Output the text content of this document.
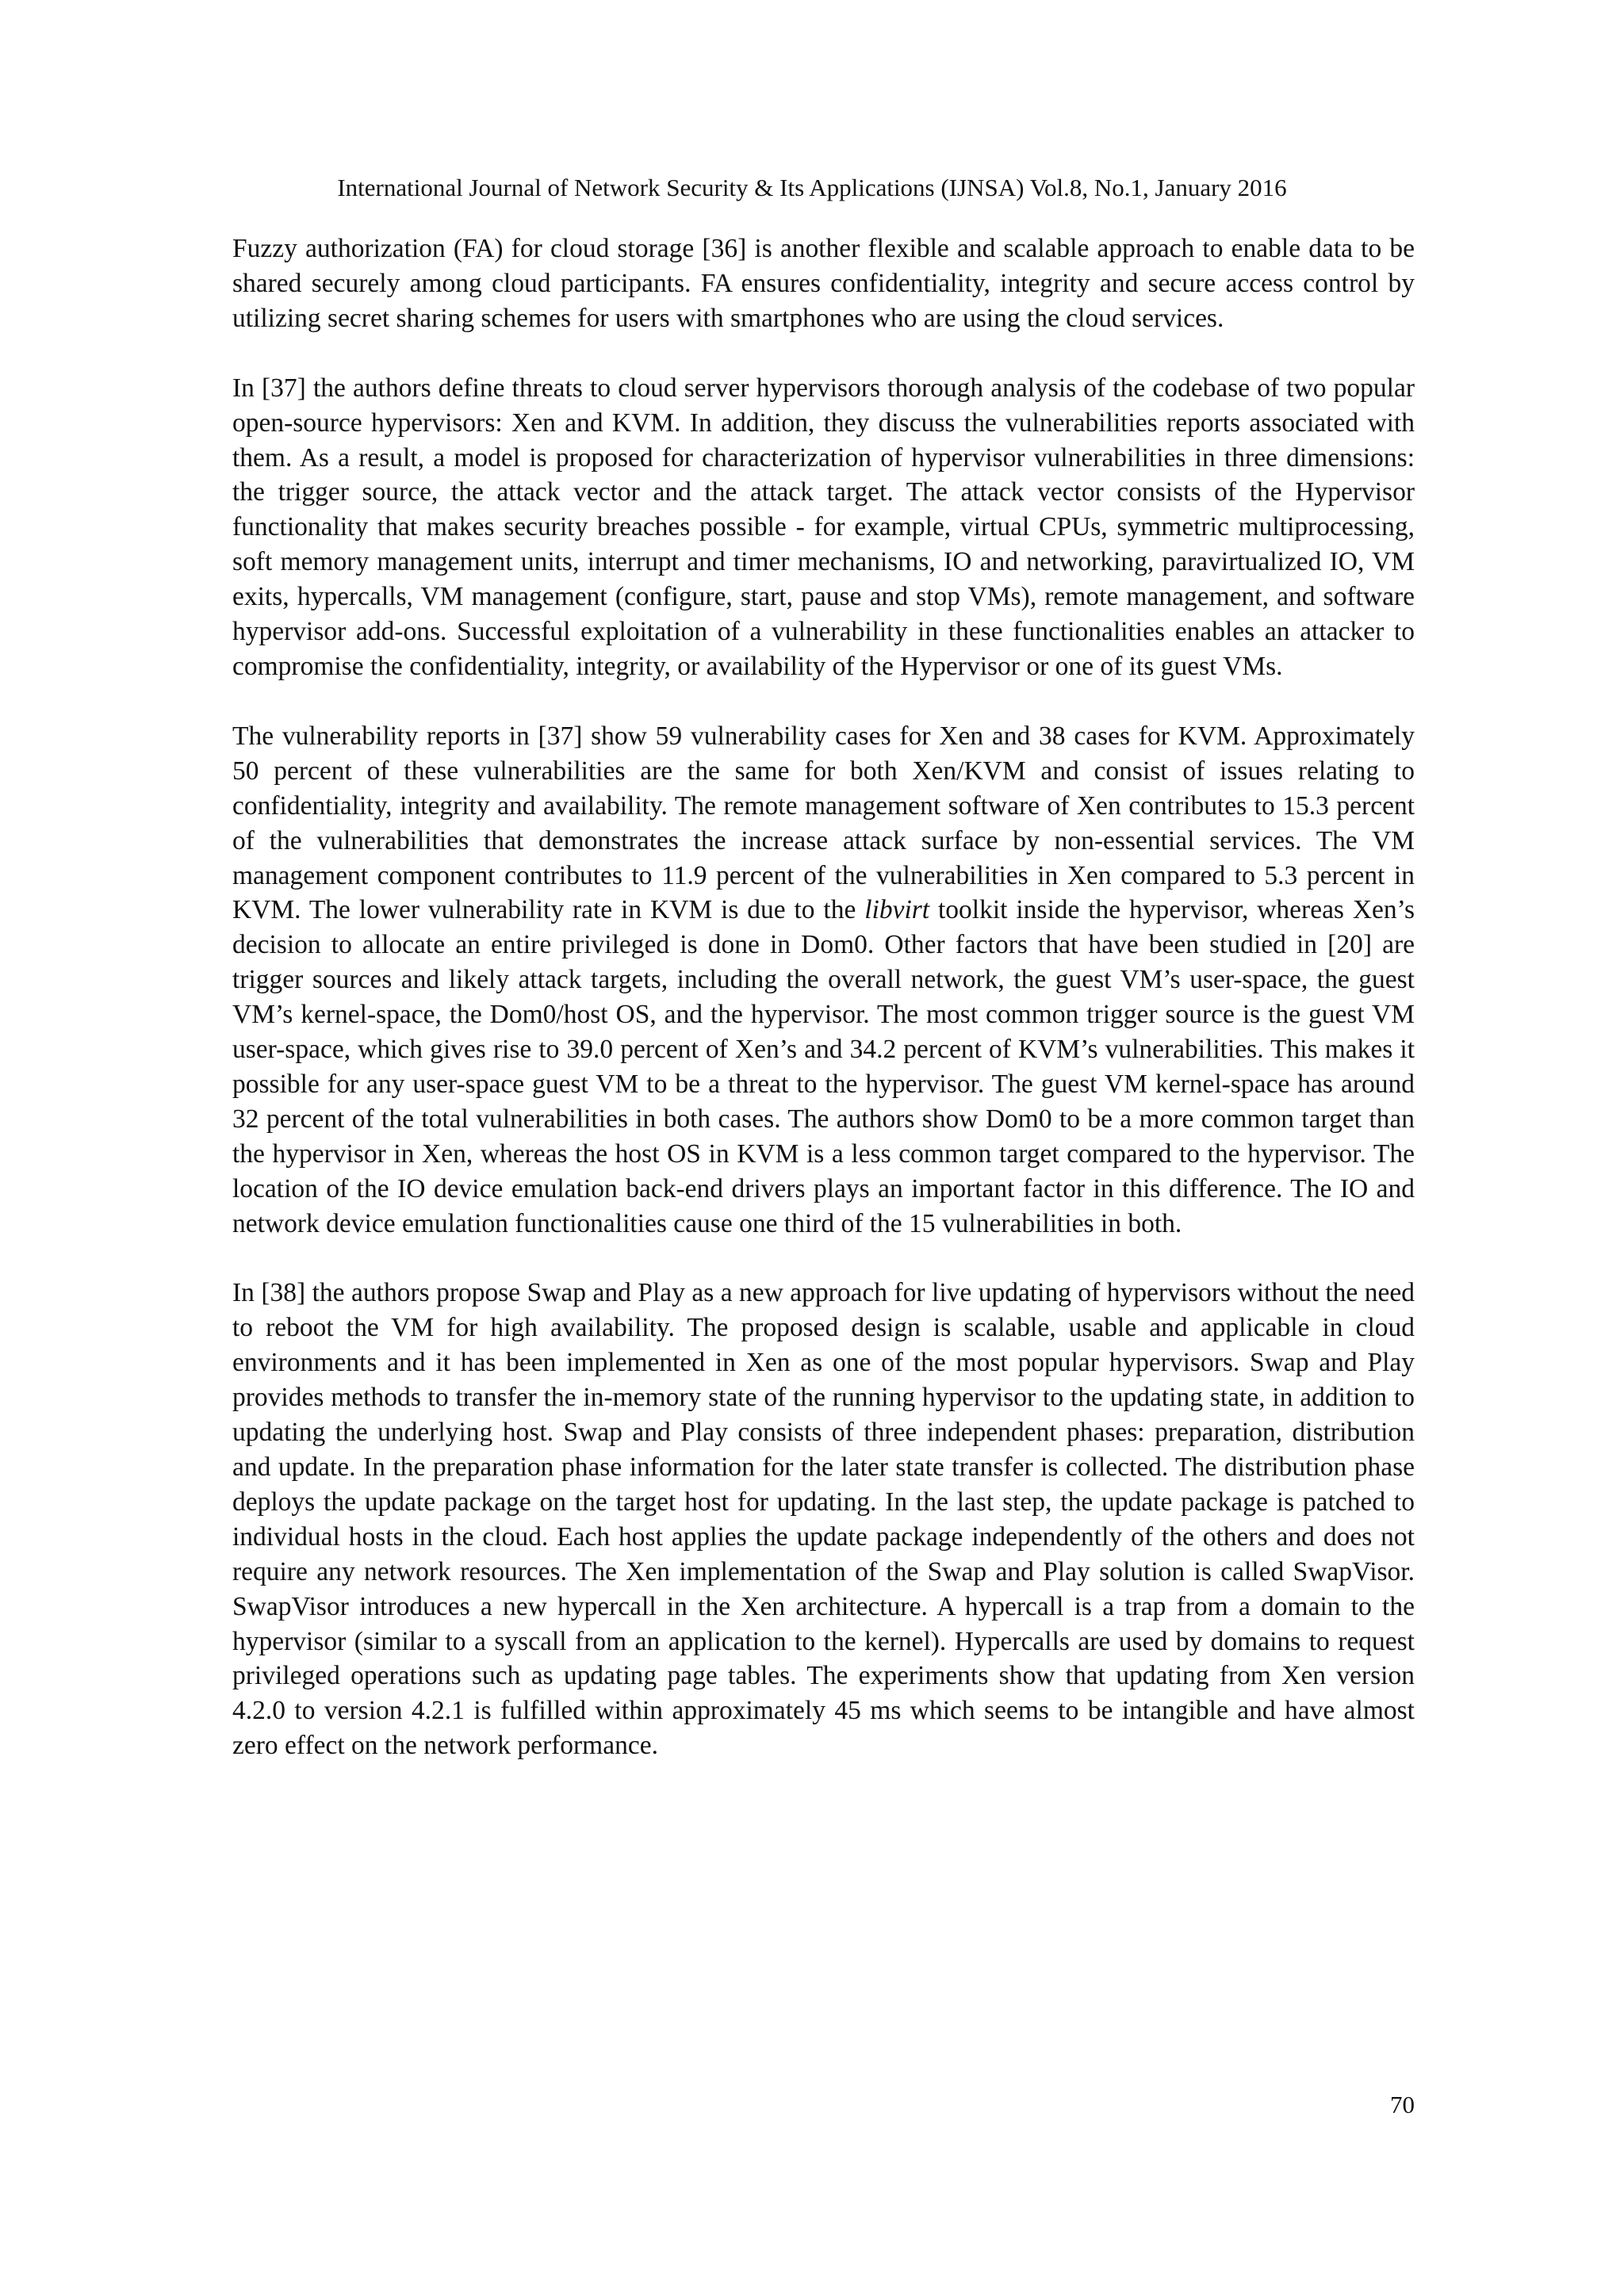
International Journal of Network Security & Its Applications (IJNSA) Vol.8, No.1, January 2016

Fuzzy authorization (FA) for cloud storage [36] is another flexible and scalable approach to enable data to be shared securely among cloud participants. FA ensures confidentiality, integrity and secure access control by utilizing secret sharing schemes for users with smartphones who are using the cloud services.

In [37] the authors define threats to cloud server hypervisors thorough analysis of the codebase of two popular open-source hypervisors: Xen and KVM. In addition, they discuss the vulnerabilities reports associated with them. As a result, a model is proposed for characterization of hypervisor vulnerabilities in three dimensions: the trigger source, the attack vector and the attack target. The attack vector consists of the Hypervisor functionality that makes security breaches possible - for example, virtual CPUs, symmetric multiprocessing, soft memory management units, interrupt and timer mechanisms, IO and networking, paravirtualized IO, VM exits, hypercalls, VM management (configure, start, pause and stop VMs), remote management, and software hypervisor add-ons. Successful exploitation of a vulnerability in these functionalities enables an attacker to compromise the confidentiality, integrity, or availability of the Hypervisor or one of its guest VMs.

The vulnerability reports in [37] show 59 vulnerability cases for Xen and 38 cases for KVM. Approximately 50 percent of these vulnerabilities are the same for both Xen/KVM and consist of issues relating to confidentiality, integrity and availability. The remote management software of Xen contributes to 15.3 percent of the vulnerabilities that demonstrates the increase attack surface by non-essential services. The VM management component contributes to 11.9 percent of the vulnerabilities in Xen compared to 5.3 percent in KVM. The lower vulnerability rate in KVM is due to the libvirt toolkit inside the hypervisor, whereas Xen’s decision to allocate an entire privileged is done in Dom0. Other factors that have been studied in [20] are trigger sources and likely attack targets, including the overall network, the guest VM’s user-space, the guest VM’s kernel-space, the Dom0/host OS, and the hypervisor. The most common trigger source is the guest VM user-space, which gives rise to 39.0 percent of Xen’s and 34.2 percent of KVM’s vulnerabilities. This makes it possible for any user-space guest VM to be a threat to the hypervisor. The guest VM kernel-space has around 32 percent of the total vulnerabilities in both cases. The authors show Dom0 to be a more common target than the hypervisor in Xen, whereas the host OS in KVM is a less common target compared to the hypervisor. The location of the IO device emulation back-end drivers plays an important factor in this difference. The IO and network device emulation functionalities cause one third of the 15 vulnerabilities in both.

In [38] the authors propose Swap and Play as a new approach for live updating of hypervisors without the need to reboot the VM for high availability. The proposed design is scalable, usable and applicable in cloud environments and it has been implemented in Xen as one of the most popular hypervisors. Swap and Play provides methods to transfer the in-memory state of the running hypervisor to the updating state, in addition to updating the underlying host. Swap and Play consists of three independent phases: preparation, distribution and update. In the preparation phase information for the later state transfer is collected. The distribution phase deploys the update package on the target host for updating. In the last step, the update package is patched to individual hosts in the cloud. Each host applies the update package independently of the others and does not require any network resources. The Xen implementation of the Swap and Play solution is called SwapVisor. SwapVisor introduces a new hypercall in the Xen architecture. A hypercall is a trap from a domain to the hypervisor (similar to a syscall from an application to the kernel). Hypercalls are used by domains to request privileged operations such as updating page tables. The experiments show that updating from Xen version 4.2.0 to version 4.2.1 is fulfilled within approximately 45 ms which seems to be intangible and have almost zero effect on the network performance.

70
